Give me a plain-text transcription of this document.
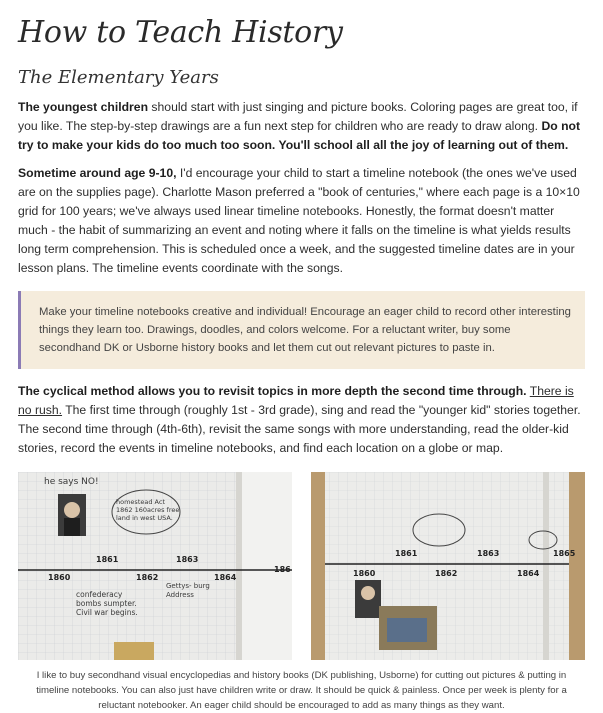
How to Teach History
The Elementary Years

The youngest children should start with just singing and picture books. Coloring pages are great too, if you like. The step-by-step drawings are a fun next step for children who are ready to draw along. Do not try to make your kids do too much too soon. You'll school all all the joy of learning out of them.

Sometime around age 9-10, I'd encourage your child to start a timeline notebook (the ones we've used are on the supplies page). Charlotte Mason preferred a "book of centuries," where each page is a 10×10 grid for 100 years; we've always used linear timeline notebooks. Honestly, the format doesn't matter much - the habit of summarizing an event and noting where it falls on the timeline is what yields results long term comprehension. This is scheduled once a week, and the suggested timeline dates are in your lesson plans. The timeline events coordinate with the songs.

Make your timeline notebooks creative and individual! Encourage an eager child to record other interesting things they learn too. Drawings, doodles, and colors welcome. For a reluctant writer, buy some secondhand DK or Usborne history books and let them cut out relevant pictures to paste in.

The cyclical method allows you to revisit topics in more depth the second time through. There is no rush. The first time through (roughly 1st - 3rd grade), sing and read the "younger kid" stories together. The second time through (4th-6th), revisit the same songs with more understanding, read the older-kid stories, record the events in timeline notebooks, and find each location on a globe or map.

1860
1861
1862
1863
1864
186
he says NO!
homestead Act 1862 160acres free land in west USA.
Gettys- burg Address
confederacy bombs sumpter. Civil war begins.
1860
1861
1862
1863
1864
1865

I like to buy secondhand visual encyclopedias and history books (DK publishing, Usborne) for cutting out pictures & putting in timeline notebooks. You can also just have children write or draw. It should be quick & painless. Once per week is plenty for a reluctant notebooker. An eager child should be encouraged to add as many things as they want.
